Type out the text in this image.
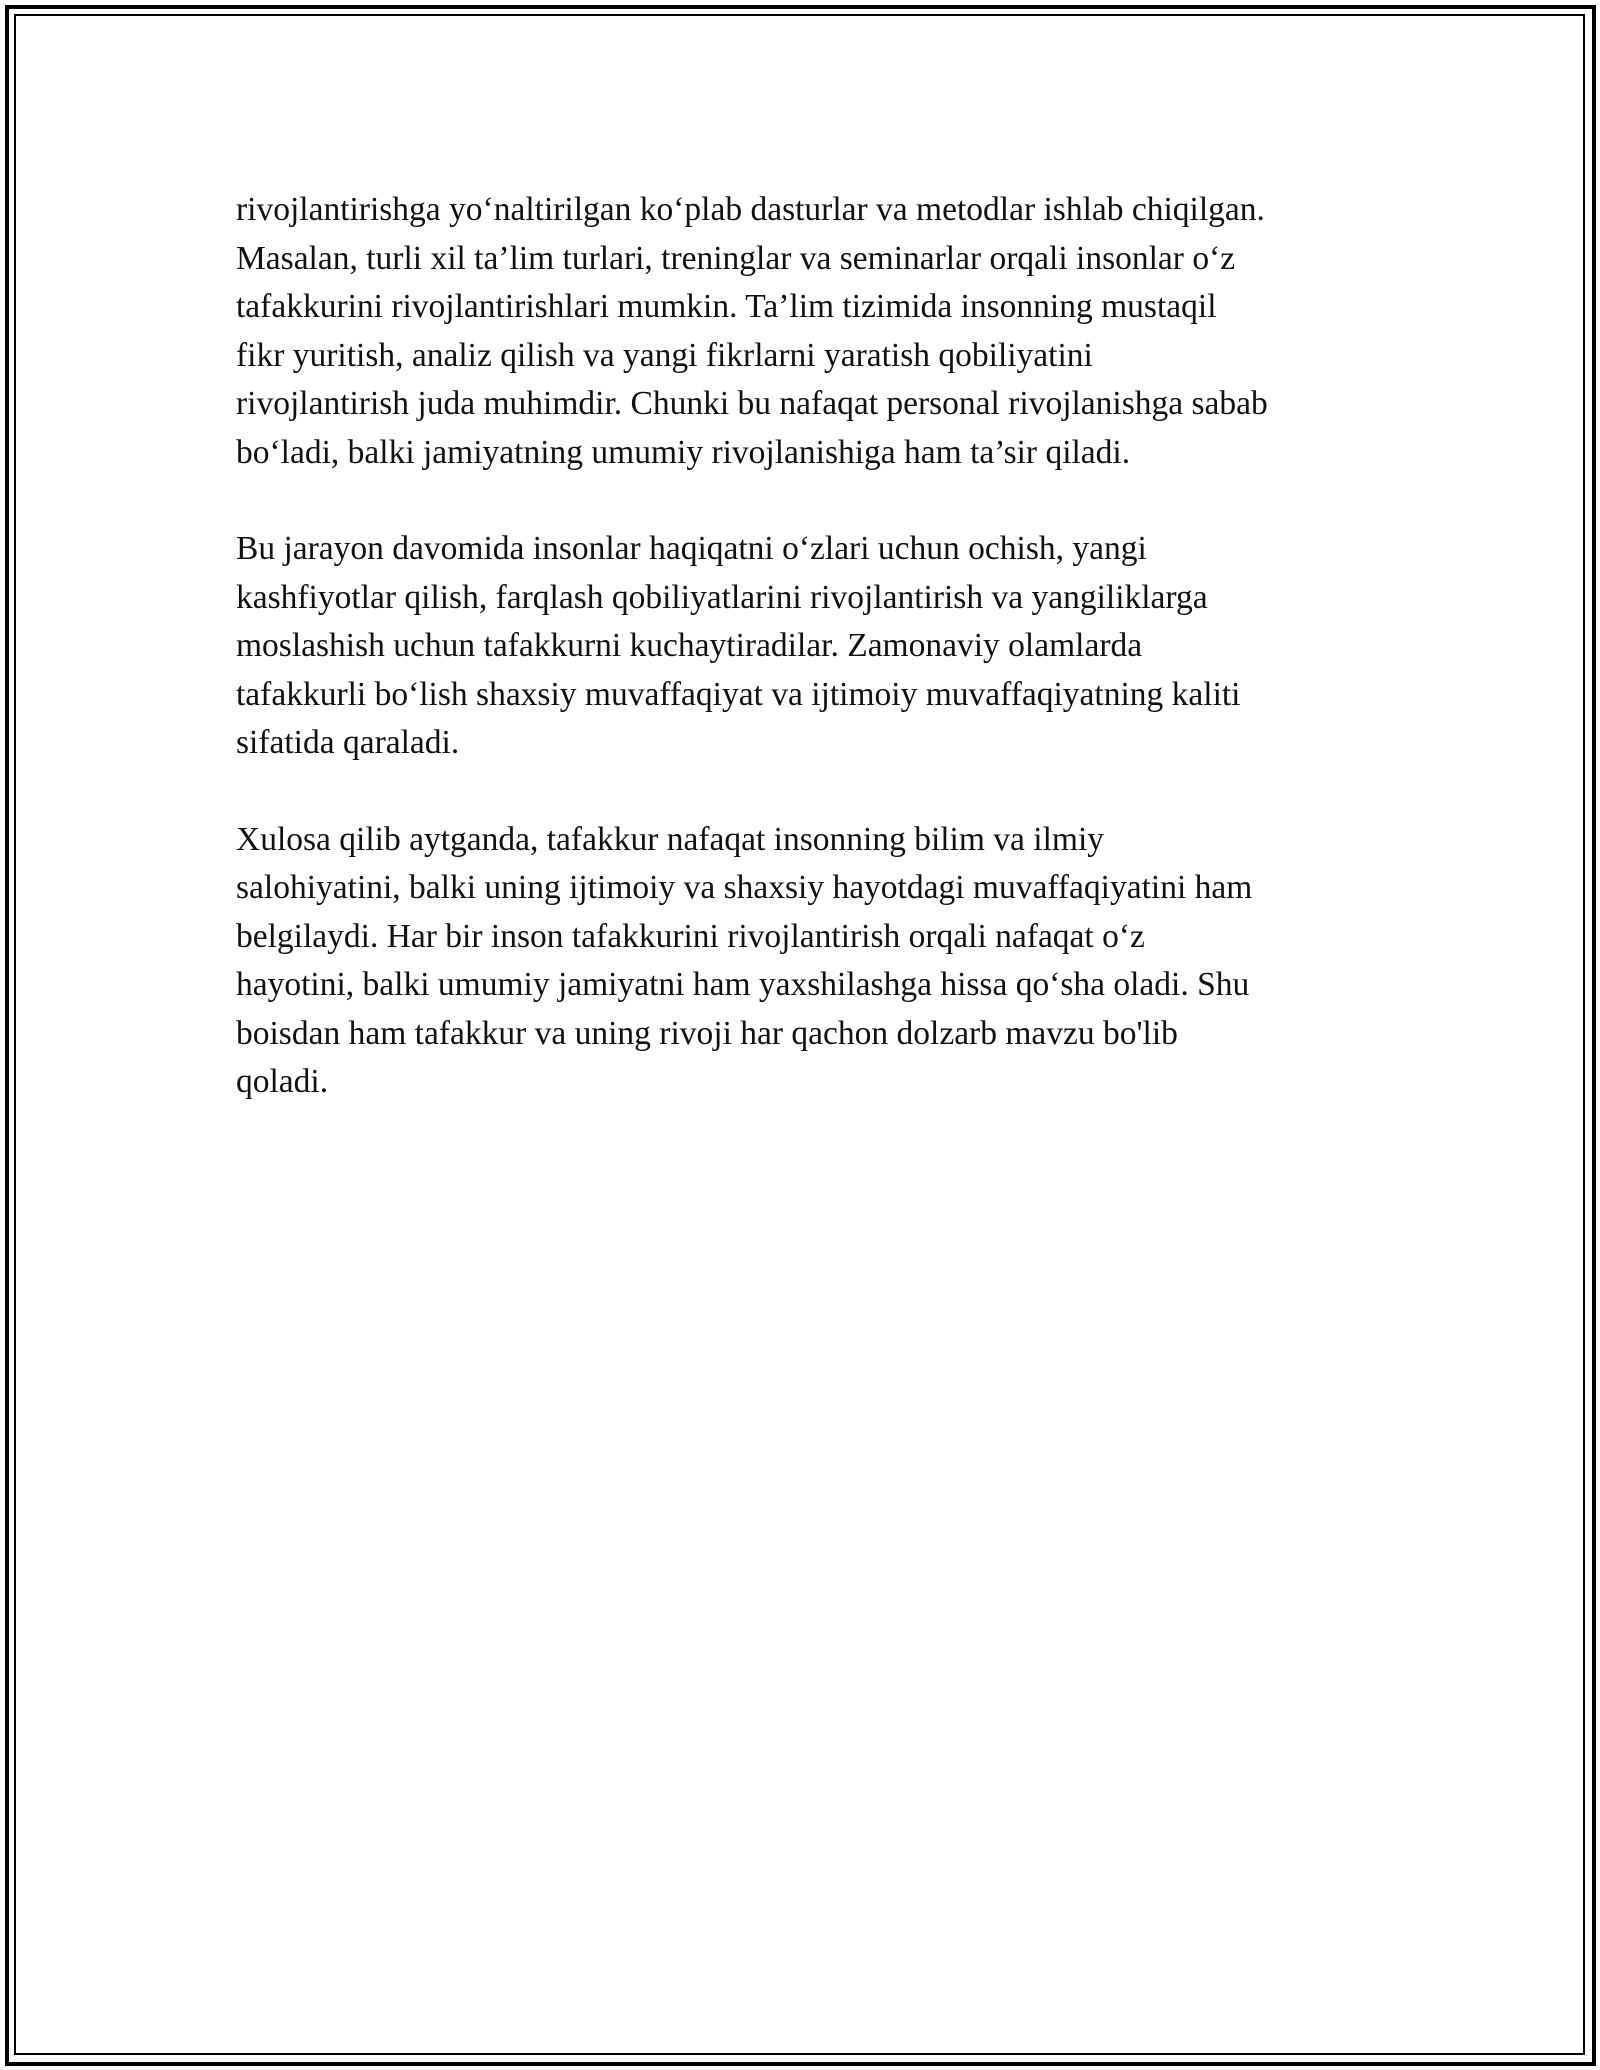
rivojlantirishga yo‘naltirilgan ko‘plab dasturlar va metodlar ishlab chiqilgan.
Masalan, turli xil ta’lim turlari, treninglar va seminarlar orqali insonlar o‘z
tafakkurini rivojlantirishlari mumkin. Ta’lim tizimida insonning mustaqil
fikr yuritish, analiz qilish va yangi fikrlarni yaratish qobiliyatini
rivojlantirish juda muhimdir. Chunki bu nafaqat personal rivojlanishga sabab
bo‘ladi, balki jamiyatning umumiy rivojlanishiga ham ta’sir qiladi.

Bu jarayon davomida insonlar haqiqatni o‘zlari uchun ochish, yangi
kashfiyotlar qilish, farqlash qobiliyatlarini rivojlantirish va yangiliklarga
moslashish uchun tafakkurni kuchaytiradilar. Zamonaviy olamlarda
tafakkurli bo‘lish shaxsiy muvaffaqiyat va ijtimoiy muvaffaqiyatning kaliti
sifatida qaraladi.

Xulosa qilib aytganda, tafakkur nafaqat insonning bilim va ilmiy
salohiyatini, balki uning ijtimoiy va shaxsiy hayotdagi muvaffaqiyatini ham
belgilaydi. Har bir inson tafakkurini rivojlantirish orqali nafaqat o‘z
hayotini, balki umumiy jamiyatni ham yaxshilashga hissa qo‘sha oladi. Shu
boisdan ham tafakkur va uning rivoji har qachon dolzarb mavzu bo'lib
qoladi.
